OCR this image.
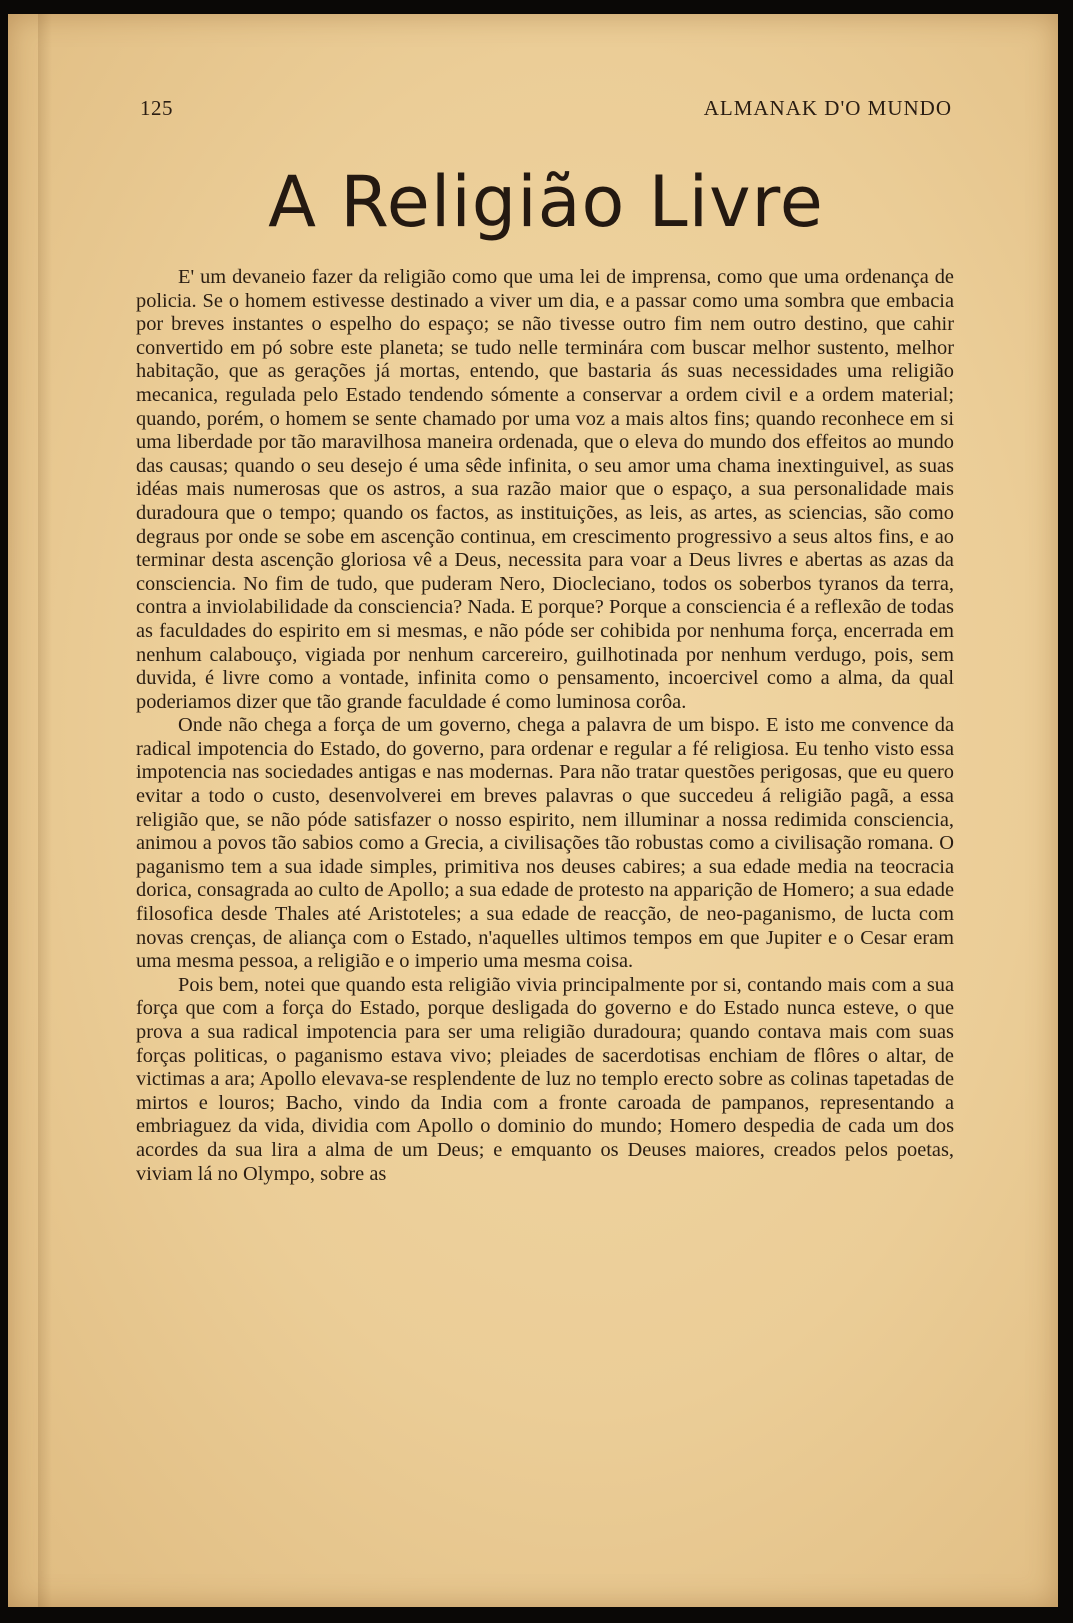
125	ALMANAK D'O MUNDO
A Religião Livre

E' um devaneio fazer da religião como que uma lei de imprensa, como que uma ordenança de policia. Se o homem estivesse destinado a viver um dia, e a passar como uma sombra que embacia por breves instantes o espelho do espaço; se não tivesse outro fim nem outro destino, que cahir convertido em pó sobre este planeta; se tudo nelle terminára com buscar melhor sustento, melhor habitação, que as gerações já mortas, entendo, que bastaria ás suas necessidades uma religião mecanica, regulada pelo Estado tendendo sómente a conservar a ordem civil e a ordem material; quando, porém, o homem se sente chamado por uma voz a mais altos fins; quando reconhece em si uma liberdade por tão maravilhosa maneira ordenada, que o eleva do mundo dos effeitos ao mundo das causas; quando o seu desejo é uma sêde infinita, o seu amor uma chama inextinguivel, as suas idéas mais numerosas que os astros, a sua razão maior que o espaço, a sua personalidade mais duradoura que o tempo; quando os factos, as instituições, as leis, as artes, as sciencias, são como degraus por onde se sobe em ascenção continua, em crescimento progressivo a seus altos fins, e ao terminar desta ascenção gloriosa vê a Deus, necessita para voar a Deus livres e abertas as azas da consciencia. No fim de tudo, que puderam Nero, Diocleciano, todos os soberbos tyranos da terra, contra a inviolabilidade da consciencia? Nada. E porque? Porque a consciencia é a reflexão de todas as faculdades do espirito em si mesmas, e não póde ser cohibida por nenhuma força, encerrada em nenhum calabouço, vigiada por nenhum carcereiro, guilhotinada por nenhum verdugo, pois, sem duvida, é livre como a vontade, infinita como o pensamento, incoercivel como a alma, da qual poderiamos dizer que tão grande faculdade é como luminosa corôa.

Onde não chega a força de um governo, chega a palavra de um bispo. E isto me convence da radical impotencia do Estado, do governo, para ordenar e regular a fé religiosa. Eu tenho visto essa impotencia nas sociedades antigas e nas modernas. Para não tratar questões perigosas, que eu quero evitar a todo o custo, desenvolverei em breves palavras o que succedeu á religião pagã, a essa religião que, se não póde satisfazer o nosso espirito, nem illuminar a nossa redimida consciencia, animou a povos tão sabios como a Grecia, a civilisações tão robustas como a civilisação romana. O paganismo tem a sua idade simples, primitiva nos deuses cabires; a sua edade media na teocracia dorica, consagrada ao culto de Apollo; a sua edade de protesto na apparição de Homero; a sua edade filosofica desde Thales até Aristoteles; a sua edade de reacção, de neo-paganismo, de lucta com novas crenças, de aliança com o Estado, n'aquelles ultimos tempos em que Jupiter e o Cesar eram uma mesma pessoa, a religião e o imperio uma mesma coisa.

Pois bem, notei que quando esta religião vivia principalmente por si, contando mais com a sua força que com a força do Estado, porque desligada do governo e do Estado nunca esteve, o que prova a sua radical impotencia para ser uma religião duradoura; quando contava mais com suas forças politicas, o paganismo estava vivo; pleiades de sacerdotisas enchiam de flôres o altar, de victimas a ara; Apollo elevava-se resplendente de luz no templo erecto sobre as colinas tapetadas de mirtos e louros; Bacho, vindo da India com a fronte caroada de pampanos, representando a embriaguez da vida, dividia com Apollo o dominio do mundo; Homero despedia de cada um dos acordes da sua lira a alma de um Deus; e emquanto os Deuses maiores, creados pelos poetas, viviam lá no Olympo, sobre as
